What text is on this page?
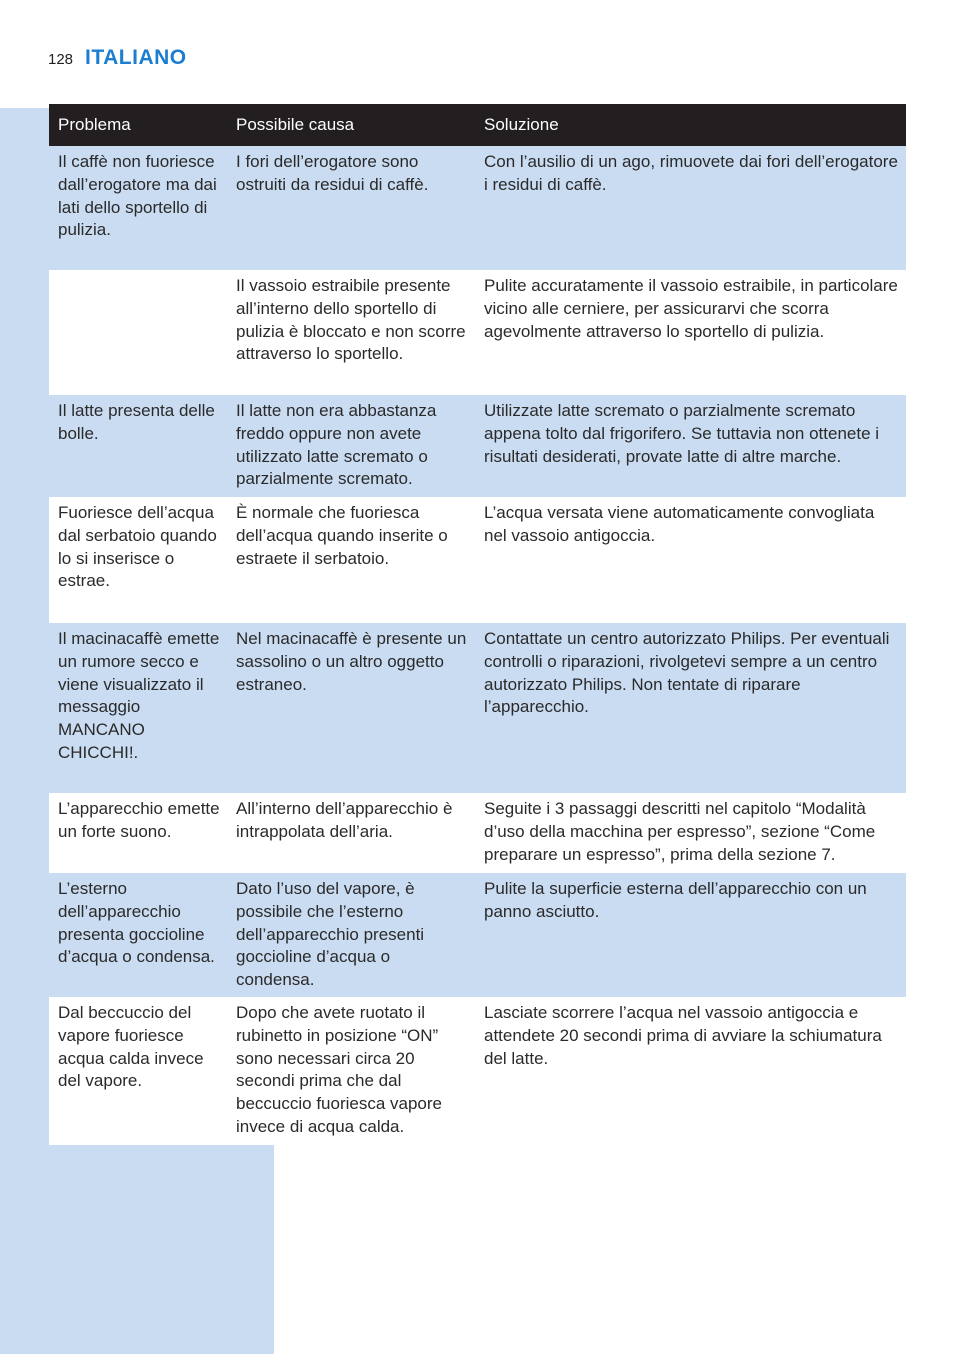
128 ITALIANO
Problema	Possibile causa	Soluzione
Il caffè non fuoriesce dall’erogatore ma dai lati dello sportello di pulizia.
I fori dell’erogatore sono ostruiti da residui di caffè.
Con l’ausilio di un ago, rimuovete dai fori dell’erogatore i residui di caffè.
Il vassoio estraibile presente all’interno dello sportello di pulizia è bloccato e non scorre attraverso lo sportello.
Pulite accuratamente il vassoio estraibile, in particolare vicino alle cerniere, per assicurarvi che scorra agevolmente attraverso lo sportello di pulizia.
Il latte presenta delle bolle.
Il latte non era abbastanza freddo oppure non avete utilizzato latte scremato o parzialmente scremato.
Utilizzate latte scremato o parzialmente scremato appena tolto dal frigorifero. Se tuttavia non ottenete i risultati desiderati, provate latte di altre marche.
Fuoriesce dell’acqua dal serbatoio quando lo si inserisce o estrae.
È normale che fuoriesca dell’acqua quando inserite o estraete il serbatoio.
L’acqua versata viene automaticamente convogliata nel vassoio antigoccia.
Il macinacaffè emette un rumore secco e viene visualizzato il messaggio MANCANO CHICCHI!.
Nel macinacaffè è presente un sassolino o un altro oggetto estraneo.
Contattate un centro autorizzato Philips. Per eventuali controlli o riparazioni, rivolgetevi sempre a un centro autorizzato Philips. Non tentate di riparare l’apparecchio.
L’apparecchio emette un forte suono.
All’interno dell’apparecchio è intrappolata dell’aria.
Seguite i 3 passaggi descritti nel capitolo “Modalità d’uso della macchina per espresso”, sezione “Come preparare un espresso”, prima della sezione 7.
L’esterno dell’apparecchio presenta goccioline d’acqua o condensa.
Dato l’uso del vapore, è possibile che l’esterno dell’apparecchio presenti goccioline d’acqua o condensa.
Pulite la superficie esterna dell’apparecchio con un panno asciutto.
Dal beccuccio del vapore fuoriesce acqua calda invece del vapore.
Dopo che avete ruotato il rubinetto in posizione “ON” sono necessari circa 20 secondi prima che dal beccuccio fuoriesca vapore invece di acqua calda.
Lasciate scorrere l’acqua nel vassoio antigoccia e attendete 20 secondi prima di avviare la schiumatura del latte.
